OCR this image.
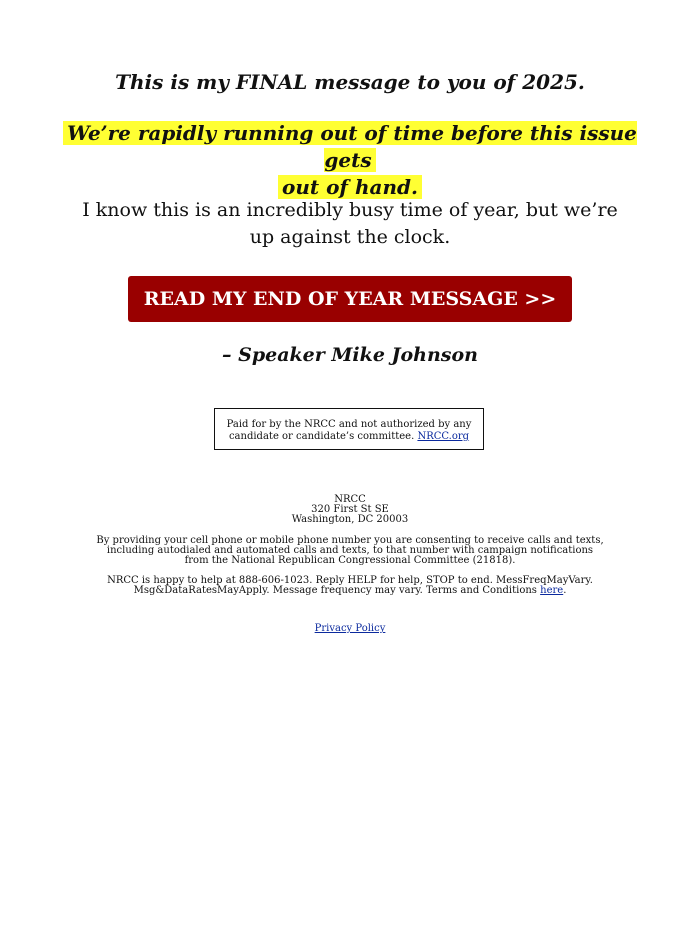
This is my FINAL message to you of 2025.
We’re rapidly running out of time before this issue gets
out of hand.
I know this is an incredibly busy time of year, but we’re up against the clock.
READ MY END OF YEAR MESSAGE >>
– Speaker Mike Johnson
Paid for by the NRCC and not authorized by any candidate or candidate’s committee. NRCC.org
NRCC
320 First St SE
Washington, DC 20003
By providing your cell phone or mobile phone number you are consenting to receive calls and texts, including autodialed and automated calls and texts, to that number with campaign notifications from the National Republican Congressional Committee (21818).
NRCC is happy to help at 888-606-1023. Reply HELP for help, STOP to end. MessFreqMayVary. Msg&DataRatesMayApply. Message frequency may vary. Terms and Conditions here.
Privacy Policy
